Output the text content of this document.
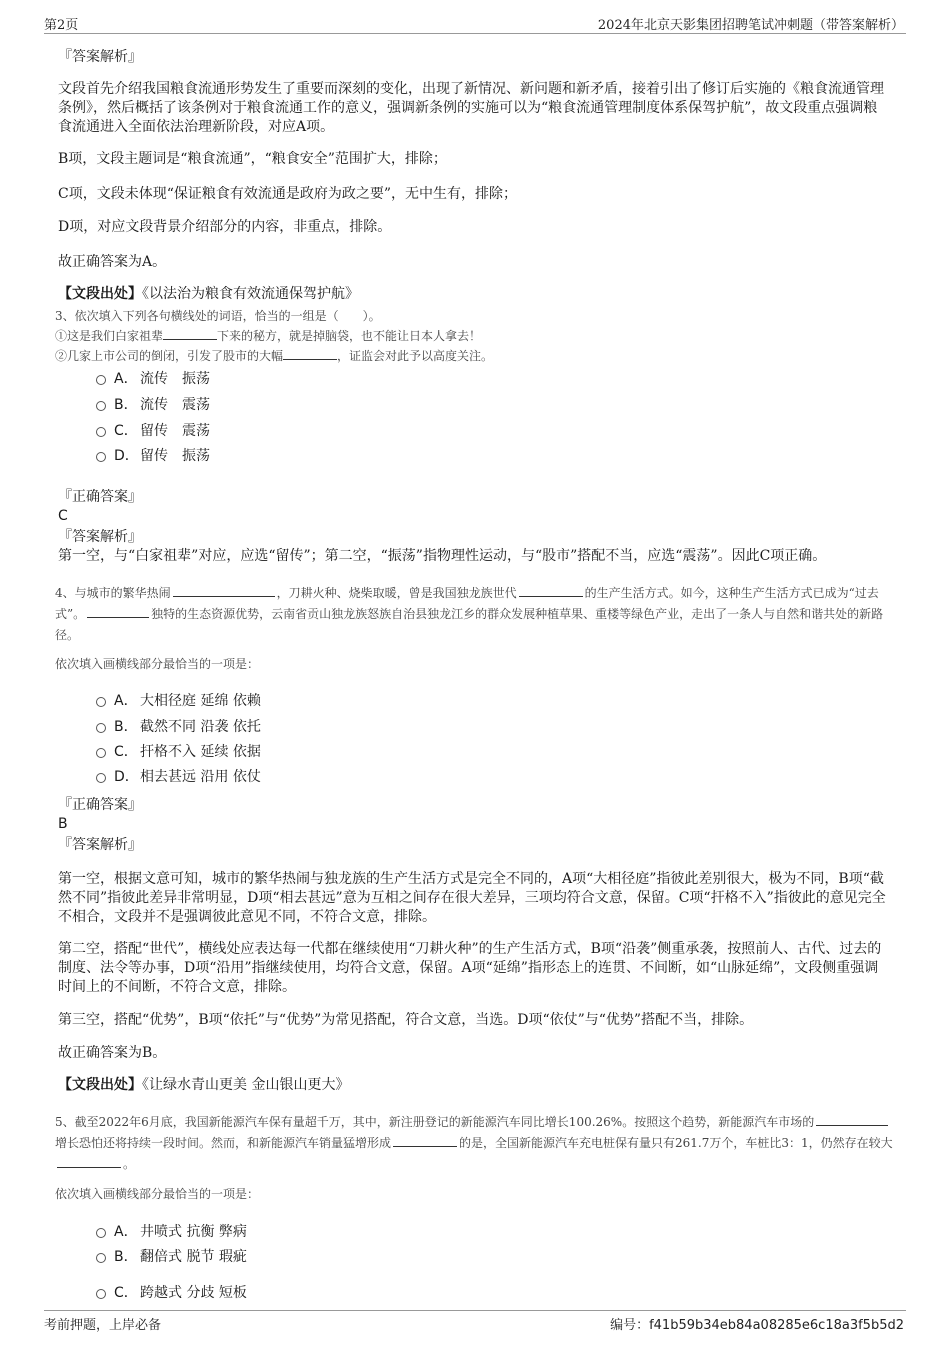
第2页	2024年北京天影集团招聘笔试冲刺题（带答案解析）
『答案解析』
文段首先介绍我国粮食流通形势发生了重要而深刻的变化，出现了新情况、新问题和新矛盾，接着引出了修订后实施的《粮食流通管理条例》，然后概括了该条例对于粮食流通工作的意义，强调新条例的实施可以为“粮食流通管理制度体系保驾护航”，故文段重点强调粮食流通进入全面依法治理新阶段，对应A项。
B项，文段主题词是“粮食流通”，“粮食安全”范围扩大，排除；
C项，文段未体现“保证粮食有效流通是政府为政之要”，无中生有，排除；
D项，对应文段背景介绍部分的内容，非重点，排除。
故正确答案为A。
【文段出处】《以法治为粮食有效流通保驾护航》
3、依次填入下列各句横线处的词语，恰当的一组是（　　）。
①这是我们白家祖辈	下来的秘方，就是掉脑袋，也不能让日本人拿去！
②几家上市公司的倒闭，引发了股市的大幅	，证监会对此予以高度关注。
A． 流传　振荡
B． 流传　震荡
C． 留传　震荡
D．留传　振荡
『正确答案』
C
『答案解析』
第一空，与“白家祖辈”对应，应选“留传”；第二空，“振荡”指物理性运动，与“股市”搭配不当，应选“震荡”。因此C项正确。
4、与城市的繁华热闹	，刀耕火种、烧柴取暖，曾是我国独龙族世代	的生产生活方式。如今，这种生产生活方式已成为“过去式”。	独特的生态资源优势，云南省贡山独龙族怒族自治县独龙江乡的群众发展种植草果、重楼等绿色产业，走出了一条人与自然和谐共处的新路径。
依次填入画横线部分最恰当的一项是：
A． 大相径庭 延绵 依赖
B． 截然不同 沿袭 依托
C． 扞格不入 延续 依据
D．相去甚远 沿用 依仗
『正确答案』
B
『答案解析』
第一空，根据文意可知，城市的繁华热闹与独龙族的生产生活方式是完全不同的，A项“大相径庭”指彼此差别很大，极为不同，B项“截然不同”指彼此差异非常明显，D项“相去甚远”意为互相之间存在很大差异，三项均符合文意，保留。C项“扞格不入”指彼此的意见完全不相合，文段并不是强调彼此意见不同，不符合文意，排除。
第二空，搭配“世代”，横线处应表达每一代都在继续使用“刀耕火种”的生产生活方式，B项“沿袭”侧重承袭，按照前人、古代、过去的制度、法令等办事，D项“沿用”指继续使用，均符合文意，保留。A项“延绵”指形态上的连贯、不间断，如“山脉延绵”，文段侧重强调时间上的不间断，不符合文意，排除。
第三空，搭配“优势”，B项“依托”与“优势”为常见搭配，符合文意，当选。D项“依仗”与“优势”搭配不当，排除。
故正确答案为B。
【文段出处】《让绿水青山更美 金山银山更大》
5、截至2022年6月底，我国新能源汽车保有量超千万，其中，新注册登记的新能源汽车同比增长100.26%。按照这个趋势，新能源汽车市场的增长恐怕还将持续一段时间。然而，和新能源汽车销量猛增形成	的是，全国新能源汽车充电桩保有量只有261.7万个，车桩比3：1，仍然存在较大。
依次填入画横线部分最恰当的一项是：
A． 井喷式 抗衡 弊病
B． 翻倍式 脱节 瑕疵
C． 跨越式 分歧 短板
考前押题，上岸必备	编号：f41b59b34eb84a08285e6c18a3f5b5d2
